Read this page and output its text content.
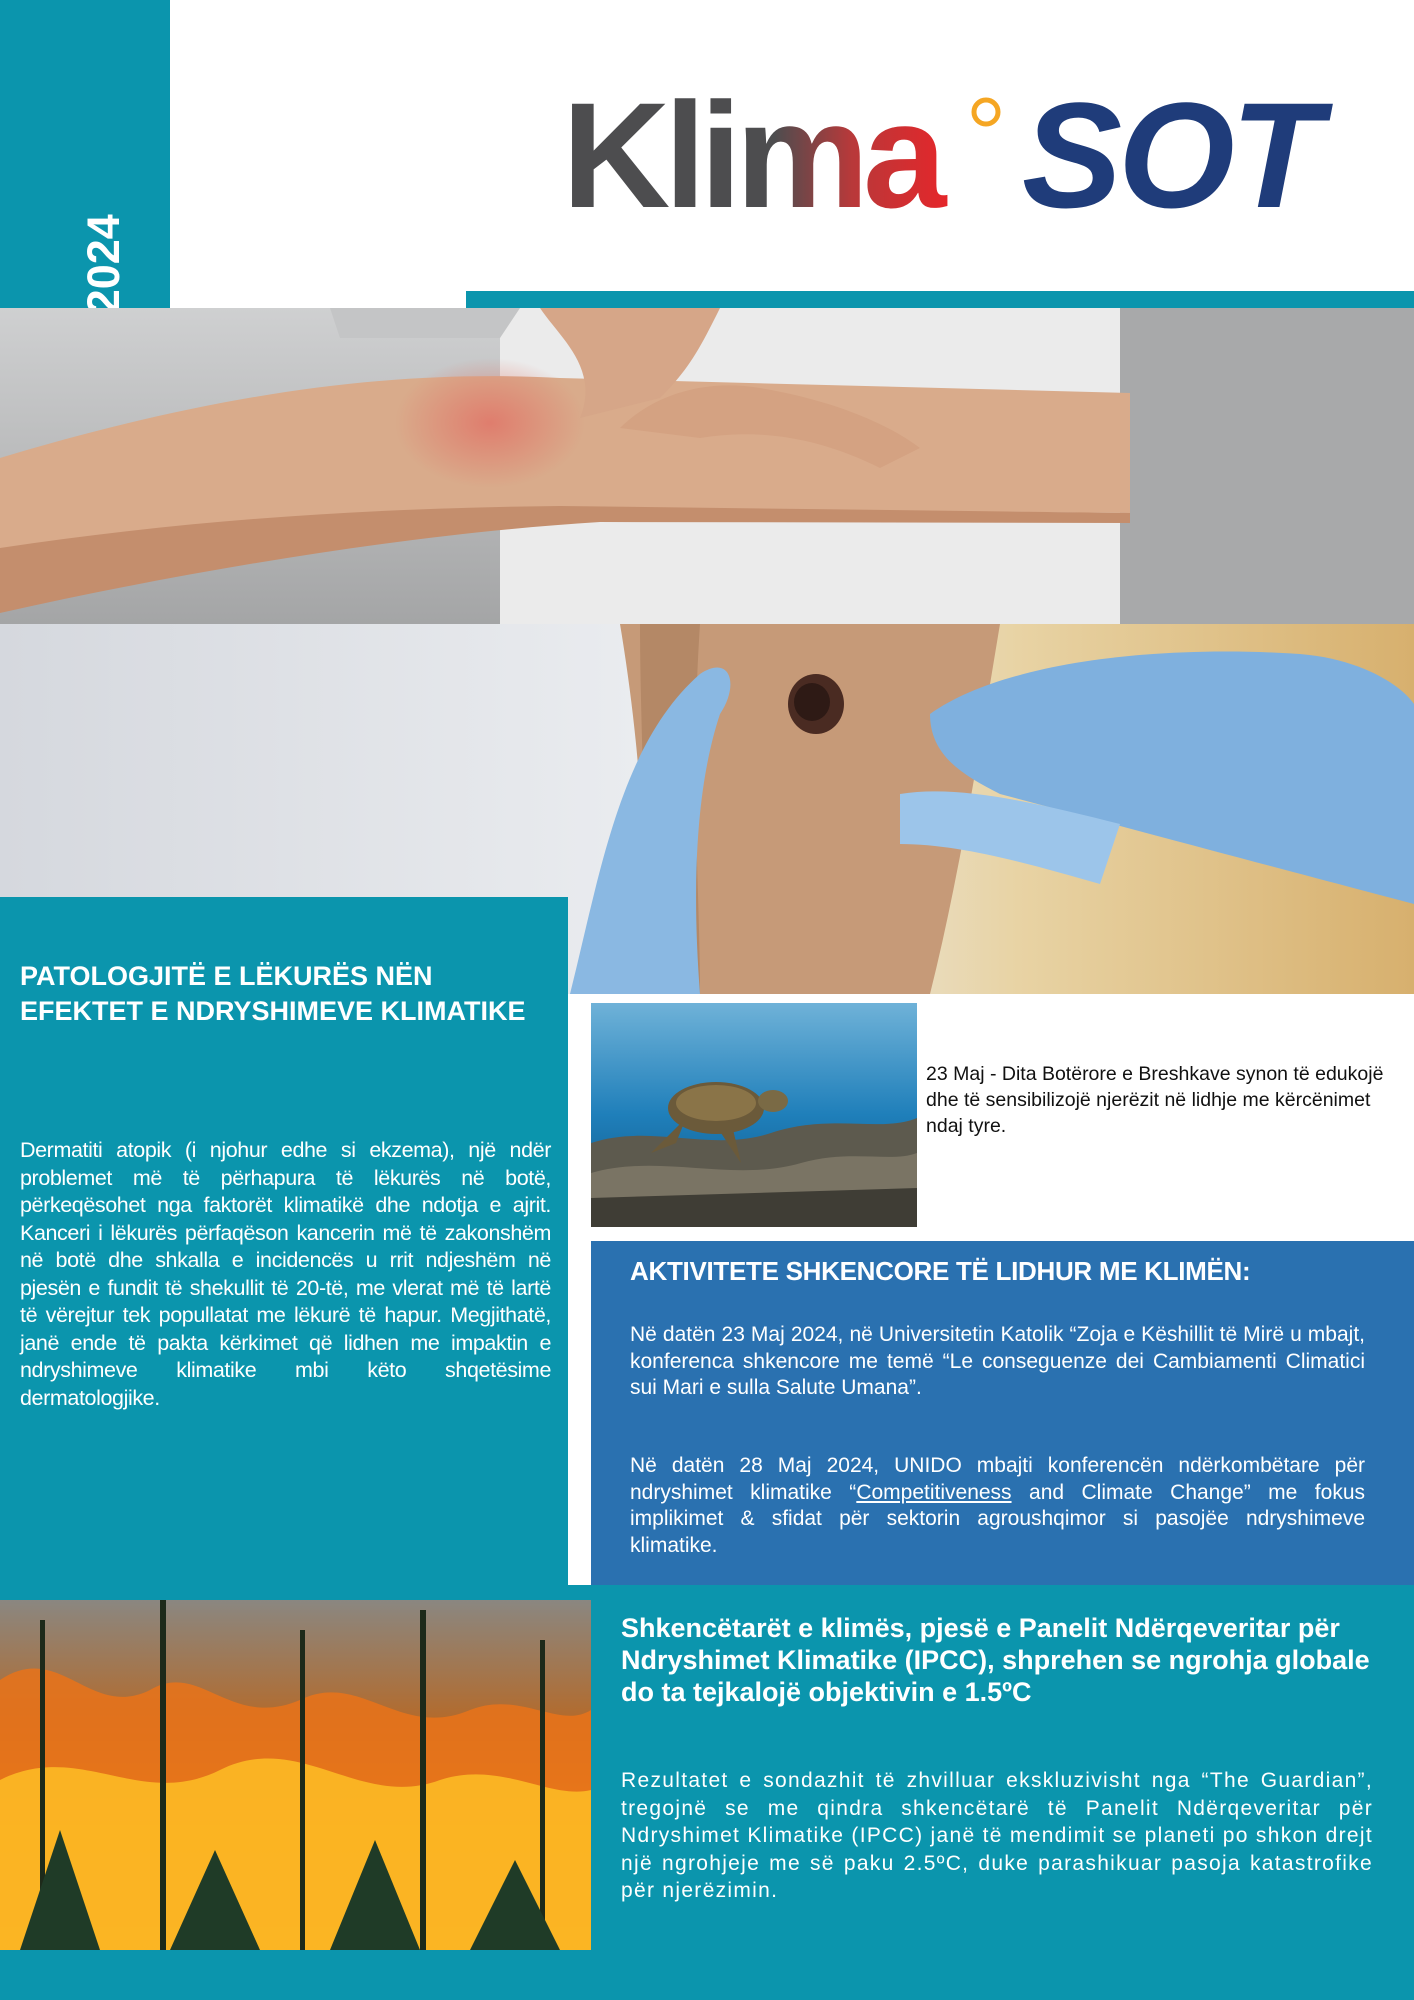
Klima SOT
PATOLOGJITË E LËKURËS NËN
EFEKTET E NDRYSHIMEVE KLIMATIKE
Dermatiti atopik (i njohur edhe si ekzema), një ndër problemet më të përhapura të lëkurës në botë, përkeqësohet nga faktorët klimatikë dhe ndotja e ajrit. Kanceri i lëkurës përfaqëson kancerin më të zakonshëm në botë dhe shkalla e incidencës u rrit ndjeshëm në pjesën e fundit të shekullit të 20-të, me vlerat më të lartë të vërejtur tek popullatat me lëkurë të hapur. Megjithatë, janë ende të pakta kërkimet që lidhen me impaktin e ndryshimeve klimatike mbi këto shqetësime dermatologjike.
23 Maj - Dita Botërore e Breshkave synon të edukojë dhe të sensibilizojë njerëzit në lidhje me kërcënimet ndaj tyre.
AKTIVITETE SHKENCORE TË LIDHUR ME KLIMËN:
Në datën 23 Maj 2024, në Universitetin Katolik “Zoja e Këshillit të Mirë u mbajt, konferenca shkencore me temë “Le conseguenze dei Cambiamenti Climatici sui Mari e sulla Salute Umana”.
Në datën 28 Maj 2024, UNIDO mbajti konferencën ndërkombëtare për ndryshimet klimatike “Competitiveness and Climate Change” me fokus implikimet & sfidat për sektorin agroushqimor si pasojëe ndryshimeve klimatike.
Shkencëtarët e klimës, pjesë e Panelit Ndërqeveritar për Ndryshimet Klimatike (IPCC), shprehen se ngrohja globale do ta tejkalojë objektivin e 1.5ºC
Rezultatet e sondazhit të zhvilluar ekskluzivisht nga “The Guardian”, tregojnë se me qindra shkencëtarë të Panelit Ndërqeveritar për Ndryshimet Klimatike (IPCC) janë të mendimit se planeti po shkon drejt një ngrohjeje me së paku 2.5ºC, duke parashikuar pasoja katastrofike për njerëzimin.
